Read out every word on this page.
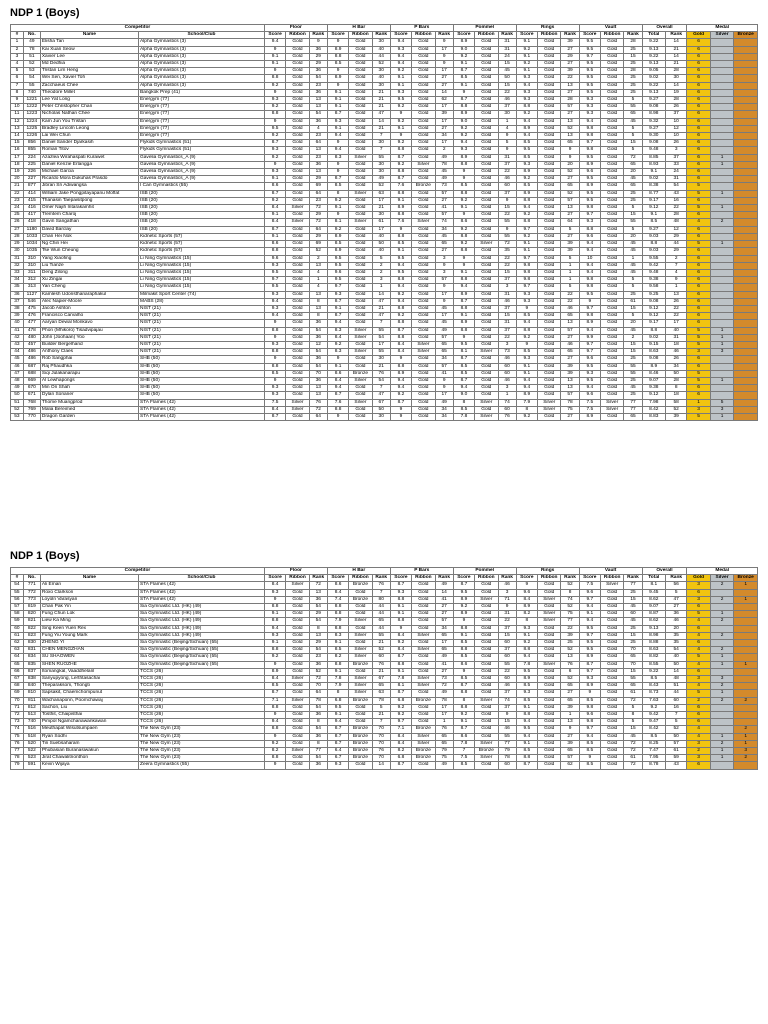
NDP 1 (Boys)
Competitor				Floor			H Bar			P Bars			Pommel			Rings			Vault			Overall		Medal		
#	No.	Name	School/Club	Score	Ribbon	Rank	Score	Ribbon	Rank	Score	Ribbon	Rank	Score	Ribbon	Rank	Score	Ribbon	Rank	Score	Ribbon	Rank	Total	Rank	Gold	Silver	Bronze
1	49	Elisha Tan	Alpha Gymnastics (3)	9.4	Gold	9	9	Gold	30	9.4	Gold	9	8.9	Gold	31	9.1	Gold	39	9.5	Gold	28	9.22	14	6		
2	78	Kai Xuan Seow	Alpha Gymnastics (3)	9	Gold	36	8.9	Gold	40	9.3	Gold	17	9.0	Gold	31	9.2	Gold	27	9.5	Gold	25	9.13	21	6		
3	51	Xavier Lee	Alpha Gymnastics (3)	9.1	Gold	29	8.8	Gold	44	9.4	Gold	9	9.2	Gold	24	9.1	Gold	29	9.7	Gold	15	9.22	14	6		
4	52	Md Dedhia	Alpha Gymnastics (3)	9.1	Gold	29	8.5	Gold	52	9.4	Gold	9	9.1	Gold	15	9.2	Gold	27	9.5	Gold	25	9.13	21	6		
5	53	Tristan Lim Heng	Alpha Gymnastics (3)	9	Gold	36	9	Gold	30	9.2	Gold	17	8.7	Gold	45	9.1	Gold	39	9.5	Gold	28	9.05	28	6		
6	54	Wei Sen, Xavier Toh	Alpha Gymnastics (3)	8.8	Gold	54	8.9	Gold	40	9.1	Gold	27	8.5	Gold	50	9.3	Gold	22	9.5	Gold	25	9.02	30	6		
7	55	Zacchaeus Chee	Alpha Gymnastics (3)	9.2	Gold	23	9	Gold	30	9.1	Gold	27	9.1	Gold	15	9.4	Gold	13	9.5	Gold	25	9.22	14	6		
8	740	Theodore Millet	Bangkok Prep (41)	9	Gold	36	9.1	Gold	21	9.3	Gold	14	9	Gold	22	9.3	Gold	27	9.5	Gold	25	9.13	19	6		
9	1221	Lee Yat Long	Energym (77)	9.3	Gold	13	9.1	Gold	21	9.5	Gold	62	8.7	Gold	46	9.3	Gold	28	9.3	Gold	5	9.27	28	6		
10	1222	Peter Christopher Chan	Energym (77)	9.2	Gold	13	9.1	Gold	21	9.2	Gold	17	8.8	Gold	37	8.8	Gold	57	9.3	Gold	55	9.08	26	6		
11	1223	Nicholas Nathan Chee	Energym (77)	8.8	Gold	54	8.7	Gold	47	9	Gold	39	8.9	Gold	30	9.2	Gold	27	9.3	Gold	65	8.98	37	6		
12	1224	Kam Jun You Tristan	Energym (77)	9	Gold	36	9.3	Gold	14	9.2	Gold	17	9.0	Gold	1	9.4	Gold	13	9.4	Gold	45	9.32	10	6		
13	1225	Bradley Lincoln Leong	Energym (77)	9.5	Gold	4	9.1	Gold	21	9.1	Gold	27	9.2	Gold	4	8.9	Gold	52	9.8	Gold	5	9.27	12	6		
14	1226	Lai Wei Chun	Energym (77)	9.2	Gold	23	9.4	Gold	7	9	Gold	34	9.2	Gold	9	9.4	Gold	13	9.8	Gold	5	9.30	10	6		
15	856	Daniel Sander Djarkasih	Flykids Gymnastics (51)	8.7	Gold	64	9	Gold	30	9.2	Gold	17	9.4	Gold	5	8.5	Gold	65	9.7	Gold	15	9.08	26	6		
16	855	Roman Titov	Flykids Gymnastics (51)	9.3	Gold	13	9.4	Gold	7	8.8	Gold	2	9.3	Gold	9	9.5	Gold	9	9.8	Gold	5	9.48	3	6		
17	224	Azazlea Wirahaspati Kurawet	Gavelia Gymnastics_A (9)	9.2	Gold	23	8.3	Silver	55	8.7	Gold	49	8.9	Gold	31	8.5	Gold	9	9.5	Gold	72	8.85	37	6	1	
18	225	Daniel Kenzie Erlangga	Gavelia Gymnastics_A (9)	9	Gold	36	9	Gold	30	9.2	Silver	78	8.8	Gold	37	9.3	Gold	20	8.9	Gold	65	8.93	33	6	1	
19	226	Michael Garcia	Gavelia Gymnastics_A (9)	9.3	Gold	13	9	Gold	30	8.8	Gold	45	9	Gold	22	8.9	Gold	52	9.6	Gold	20	9.1	24	6		
20	227	Ricardo Mora Dukuhas Prasdo	Gavelia Gymnastics_A (9)	9.1	Gold	29	8.7	Gold	49	8.7	Gold	49	9	Gold	46	9.2	Gold	27	9.5	Gold	45	9.02	31	6		
21	877	Jibran Sri Adiwangsa	I Can Gymnastics (55)	8.6	Gold	69	8.5	Gold	52	7.6	Bronze	73	8.5	Gold	60	8.5	Gold	65	8.9	Gold	65	8.38	54	5		
22	414	William Jake Pongpitayapanu Moffat	ISB (20)	8.7	Gold	64	8	Silver	63	8.8	Gold	57	8.8	Gold	37	8.9	Gold	52	9.5	Gold	25	8.77	43	5	1	
23	415	Thanasin Taepaisitpong	ISB (20)	9.2	Gold	23	9.2	Gold	17	9.1	Gold	27	9.2	Gold	9	8.8	Gold	57	9.5	Gold	25	9.17	16	6		
24	416	Omer Najih Intarakamhit	ISB (20)	8.4	Silver	72	9.1	Gold	21	8.9	Gold	41	9.1	Gold	15	9.4	Gold	13	9.8	Gold	5	9.12	22	5	1	
25	417	Tremtem Charoj	ISB (20)	9.1	Gold	29	9	Gold	30	8.8	Gold	57	9	Gold	22	9.2	Gold	27	9.7	Gold	15	9.1	28	6		
26	418	Gavin Sangathan	ISB (20)	8.4	Silver	72	8.1	Silver	61	7.6	Silver	74	8.6	Gold	55	8.8	Gold	64	9.3	Gold	55	8.5	48	4	2	
27	1180	David Barclay	ISB (20)	8.7	Gold	64	9.2	Gold	17	9	Gold	34	9.2	Gold	9	9.7	Gold	5	8.8	Gold	5	9.27	12	6		
28	1033	Chan Hei Nok	Kidnetic Sports (57)	9.1	Gold	29	8.9	Gold	40	8.8	Gold	45	8.8	Gold	55	9.2	Gold	27	9.6	Gold	20	9.03	29	6		
29	1034	Ng Chin Hei	Kidnetic Sports (57)	8.6	Gold	69	8.5	Gold	50	8.5	Gold	65	9.2	Silver	72	9.1	Gold	39	9.4	Gold	45	8.8	44	5	1	
30	1035	Tse Wun Cheung	Kidnetic Sports (57)	8.8	Gold	52	8.9	Gold	40	9.1	Gold	27	8.8	Gold	35	9.1	Gold	39	9.4	Gold	45	9.03	29	6		
31	310	Yang Xiaofing	Li Ning Gymnastics (15)	9.6	Gold	2	9.5	Gold	5	9.5	Gold	3	9	Gold	22	9.7	Gold	5	10	Gold	1	9.55	2	6		
32	310	Liu Tianze	Li Ning Gymnastics (15)	9.3	Gold	13	9.5	Gold	2	9.4	Gold	9	9	Gold	22	9.8	Gold	1	9.4	Gold	45	9.42	7	6		
33	311	Deng Zilong	Li Ning Gymnastics (15)	9.5	Gold	4	9.6	Gold	2	9.5	Gold	3	9.1	Gold	15	9.8	Gold	1	9.4	Gold	45	9.48	4	6		
34	312	Xu Zingai	Li Ning Gymnastics (15)	9.7	Gold	1	9.5	Gold	3	8.8	Gold	57	8.8	Gold	37	9.8	Gold	1	9.8	Gold	5	9.38	9	6		
35	313	Yan Cheng	Li Ning Gymnastics (15)	9.5	Gold	4	9.7	Gold	1	9.4	Gold	9	9.4	Gold	3	9.7	Gold	5	9.8	Gold	5	9.58	1	6		
36	1127	Kamlesh Udonsthanaraphakul	Milmakit Sport Center (74)	9.3	Gold	13	9.3	Gold	14	9.2	Gold	17	8.9	Gold	31	9.3	Gold	22	9.5	Gold	25	9.25	13	6		
37	546	Alec Napier-Moore	MABS (28)	9.4	Gold	8	8.7	Gold	47	9.4	Gold	9	8.7	Gold	46	9.3	Gold	22	9	Gold	61	9.08	26	6		
38	475	Jacob Ashton	NIST (21)	9.3	Gold	13	9.1	Gold	21	8.8	Gold	45	8.8	Gold	37	9	Gold	46	9.7	Gold	15	9.12	22	6		
39	476	Francisco Carvalho	NIST (21)	9.4	Gold	8	8.7	Gold	47	9.2	Gold	17	9.1	Gold	15	8.5	Gold	65	9.8	Gold	5	9.12	22	6		
40	477	Aaryan Dewal Monkavo	NIST (21)	9	Gold	36	9.4	Gold	7	8.8	Gold	45	8.9	Gold	31	9.4	Gold	13	8.9	Gold	20	9.17	17	6		
41	478	Phon (Mhikoro) Tisadvipajau	NIST (21)	8.8	Gold	54	8.3	Silver	55	8.7	Gold	49	8.8	Gold	37	8.8	Gold	57	9.4	Gold	45	8.8	40	5	1	
42	480	John (Joohaan) Yoo	NIST (21)	9	Gold	36	8.4	Silver	54	8.8	Gold	57	9	Gold	22	9.2	Gold	27	9.9	Gold	2	9.02	31	5	1	
43	457	Builder Bergelhand	NIST (21)	9.3	Gold	12	9.2	Gold	17	8.4	Silver	65	9.5	Gold	3	9	Gold	46	9.7	Gold	15	9.15	18	5	1	
44	486	Anthony Claes	NIST (21)	8.8	Gold	54	8.3	Silver	55	8.4	Silver	65	8.1	Silver	73	8.5	Gold	65	9.7	Gold	15	8.63	46	3	3	
45	486	Rob Sangphai	SHB (50)	9	Gold	36	9	Gold	30	9	Gold	34	8.7	Gold	46	9.3	Gold	27	9.6	Gold	25	9.08	26	6		
46	687	Raj Phaudhka	SHB (50)	8.8	Gold	54	9.1	Gold	21	8.8	Gold	57	8.5	Gold	60	9.1	Gold	39	9.5	Gold	55	8.9	34	6		
47	688	Siqi Julakanarapu	SHB (50)	8.5	Gold	70	8.6	Bronze	76	8.9	Gold	41	8.5	Gold	60	9.1	Gold	39	9.3	Gold	55	8.46	50	5		
48	669	Al Lewhapongs	SHB (50)	9	Gold	36	8.4	Silver	54	9.4	Gold	9	8.7	Gold	46	9.4	Gold	13	9.5	Gold	25	9.07	28	5	1	
49	670	Min On Shah	SHB (50)	9.3	Gold	13	9.4	Gold	7	9.4	Gold	9	9.4	Gold	3	9.4	Gold	13	9.4	Gold	45	9.38	8	6		
50	671	Dylan Sorianer	SHB (50)	9.3	Gold	13	8.7	Gold	47	9.2	Gold	17	9.0	Gold	1	8.9	Gold	57	9.6	Gold	25	9.12	18	6		
51	768	Thome Muangprod	STA Flames (42)	7.5	Silver	76	7.6	Silver	67	8.7	Gold	49	8	Silver	74	7.9	Silver	78	7.5	Silver	77	7.98	58	1	5	
52	769	Malia Bereimed	STA Flames (42)	8.4	Silver	72	8.8	Gold	50	9	Gold	34	8.5	Gold	60	8	Silver	75	7.5	Silver	77	8.42	52	3	3	
53	770	Dragon Garden	STA Flames (42)	8.7	Gold	64	9	Gold	30	9	Gold	34	7.8	Silver	76	9.2	Gold	27	8.9	Gold	65	8.83	39	5	1	
NDP 1 (Boys)
Competitor				Floor			H Bar			P Bars			Pommel			Rings			Vault			Overall		Medal		
#	No.	Name	School/Club	Score	Ribbon	Rank	Score	Ribbon	Rank	Score	Ribbon	Rank	Score	Ribbon	Rank	Score	Ribbon	Rank	Score	Ribbon	Rank	Total	Rank	Gold	Silver	Bronze
54	771	Ali Eman	STA Flames (42)	8.4	Silver	72	8.6	Bronze	76	8.7	Gold	49	8.7	Gold	46	9	Gold	52	7.5	Silver	77	8.1	56	3	2	1
55	772	Roxo Clarkson	STA Flames (42)	9.3	Gold	13	8.4	Gold	7	9.3	Gold	14	9.5	Gold	3	9.6	Gold	8	9.6	Gold	25	9.45	5	6		
56	773	Loyoln Varasyan	STA Flames (42)	9	Gold	36	7.4	Bronze	80	8.8	Gold	41	8.9	Silver	71	8.4	Silver	74	9.7	Gold	15	8.62	47	3	2	1
57	819	Chan Pak Yin	Sia Gymnastic Ltd. (HK) (49)	8.8	Gold	54	8.8	Gold	44	9.1	Gold	27	9.2	Gold	9	8.9	Gold	52	9.4	Gold	45	9.07	27	6		
58	820	Fung Chun Lok	Sia Gymnastic Ltd. (HK) (49)	9.1	Gold	29	8.8	Gold	44	9.1	Gold	27	8.9	Gold	31	8.2	Silver	75	9.1	Gold	60	8.87	36	5	1	
59	821	Liew Ka Ming	Sia Gymnastic Ltd. (HK) (49)	8.8	Gold	54	7.9	Silver	65	8.8	Gold	57	9	Gold	22	8	Silver	77	9.4	Gold	45	8.62	46	4	2	
60	822	Sing Keen Yuen Rex	Sia Gymnastic Ltd. (HK) (49)	9.4	Gold	8	8.8	Gold	44	9	Gold	34	8.8	Gold	37	9.3	Gold	22	9.5	Gold	25	9.13	20	6		
61	823	Fung Yiu Young Mark	Sia Gymnastic Ltd. (HK) (49)	9.3	Gold	13	8.3	Silver	55	8.4	Silver	65	9.1	Gold	15	9.1	Gold	39	9.7	Gold	15	8.98	35	4	2	
62	830	ZHENG YI	Sia Gymnastic (Beijing/Sichuan) (55)	9.1	Gold	29	9.1	Gold	21	9.2	Gold	17	8.5	Gold	60	9.2	Gold	25	9.5	Gold	25	8.88	35	6		
63	831	CHEN MENGZHAN	Sia Gymnastic (Beijing/Sichuan) (55)	8.8	Gold	54	8.5	Silver	52	8.4	Silver	65	8.8	Gold	37	8.8	Gold	52	9.5	Gold	70	8.63	54	4	2	
64	834	SU SHAOWEN	Sia Gymnastic (Beijing/Sichuan) (55)	9.2	Gold	23	8.2	Silver	60	8.7	Gold	49	8.5	Gold	60	9.4	Gold	13	8.9	Gold	65	8.82	40	5	1	
65	835	SHEN RUOZHE	Sia Gymnastic (Beijing/Sichuan) (55)	9	Gold	36	8.8	Bronze	76	8.8	Gold	41	8.6	Gold	55	7.8	Silver	76	8.7	Gold	70	8.55	50	4	1	1
66	837	Itomangkal, Vaaddhelanl	TCCS (26)	8.9	Gold	52	9.1	Gold	21	9.1	Gold	27	9	Gold	22	9.5	Gold	6	9.7	Gold	15	9.22	14	6		
67	838	Sanyupyong, Lerthtasachai	TCCS (26)	8.4	Silver	72	7.8	Silver	67	7.8	Silver	73	8.5	Gold	60	8.9	Gold	52	9.3	Gold	55	8.5	48	3	3	
68	840	Theparaksom, Thongti	TCCS (26)	8.5	Gold	70	7.9	Silver	65	8.1	Silver	72	8.7	Gold	46	8.5	Gold	65	8.9	Gold	65	8.43	51	4	2	
69	810	Sapsakit, Chaemchompunut	TCCS (26)	8.7	Gold	64	8	Silver	63	8.7	Gold	49	8.8	Gold	37	9.3	Gold	27	9	Gold	61	8.73	44	5	1	
70	811	Wachanaponn, Poomchawaj	TCCS (26)	7.1	Silver	78	6.8	Bronze	78	6.8	Bronze	78	8	Silver	74	8.5	Gold	65	8.5	Gold	72	7.63	60	2	2	2
71	812	Sachon, Liu	TCCS (26)	8.8	Gold	54	9.5	Gold	5	9.2	Gold	17	8.8	Gold	37	9.1	Gold	39	9.8	Gold	5	9.2	16	6		
72	513	Tosthit, Chaipisthai	TCCS (26)	9	Gold	36	9.1	Gold	21	9.2	Gold	17	9.2	Gold	9	8.8	Gold	1	9.6	Gold	8	9.42	7	6		
73	740	Pimpol Ngamchanawankawan	TCCS (26)	9.4	Gold	8	9.4	Gold	7	9.7	Gold	1	9.1	Gold	15	9.4	Gold	13	9.8	Gold	5	9.47	5	6		
74	516	Meuthapat Wisutsumpaen	The New Gym (23)	8.8	Gold	54	8.7	Bronze	70	7.1	Bronze	76	8.7	Gold	46	9.5	Gold	9	9.7	Gold	15	8.42	52	4		2
75	518	Ryan Sodhi	The New Gym (23)	9	Gold	36	8.7	Bronze	70	8.4	Silver	65	8.6	Gold	55	9.4	Gold	27	9.4	Gold	45	8.5	50	4	1	1
76	520	Tin Suebsaharam	The New Gym (23)	9.2	Gold	8	8.7	Bronze	70	8.4	Silver	65	7.8	Silver	77	9.1	Gold	39	8.5	Gold	72	8.25	57	3	2	1
77	522	Phubasian Buranasiwakun	The New Gym (23)	8.2	Silver	77	6.4	Bronze	76	8.2	Bronze	79	7	Bronze	79	8.5	Gold	65	8.5	Gold	72	7.47	61	2	1	3
78	523	Jirat Chawalitnonthon	The New Gym (23)	8.8	Gold	54	6.7	Bronze	70	6.8	Bronze	75	7.5	Silver	78	8.8	Gold	57	9	Gold	61	7.95	59	3	1	2
79	591	Kevin Wijaya	Zeera Gymnastics (55)	9	Gold	36	9.3	Gold	14	8.7	Gold	49	8.5	Gold	60	8.7	Gold	62	8.5	Gold	72	8.78	43	6		
